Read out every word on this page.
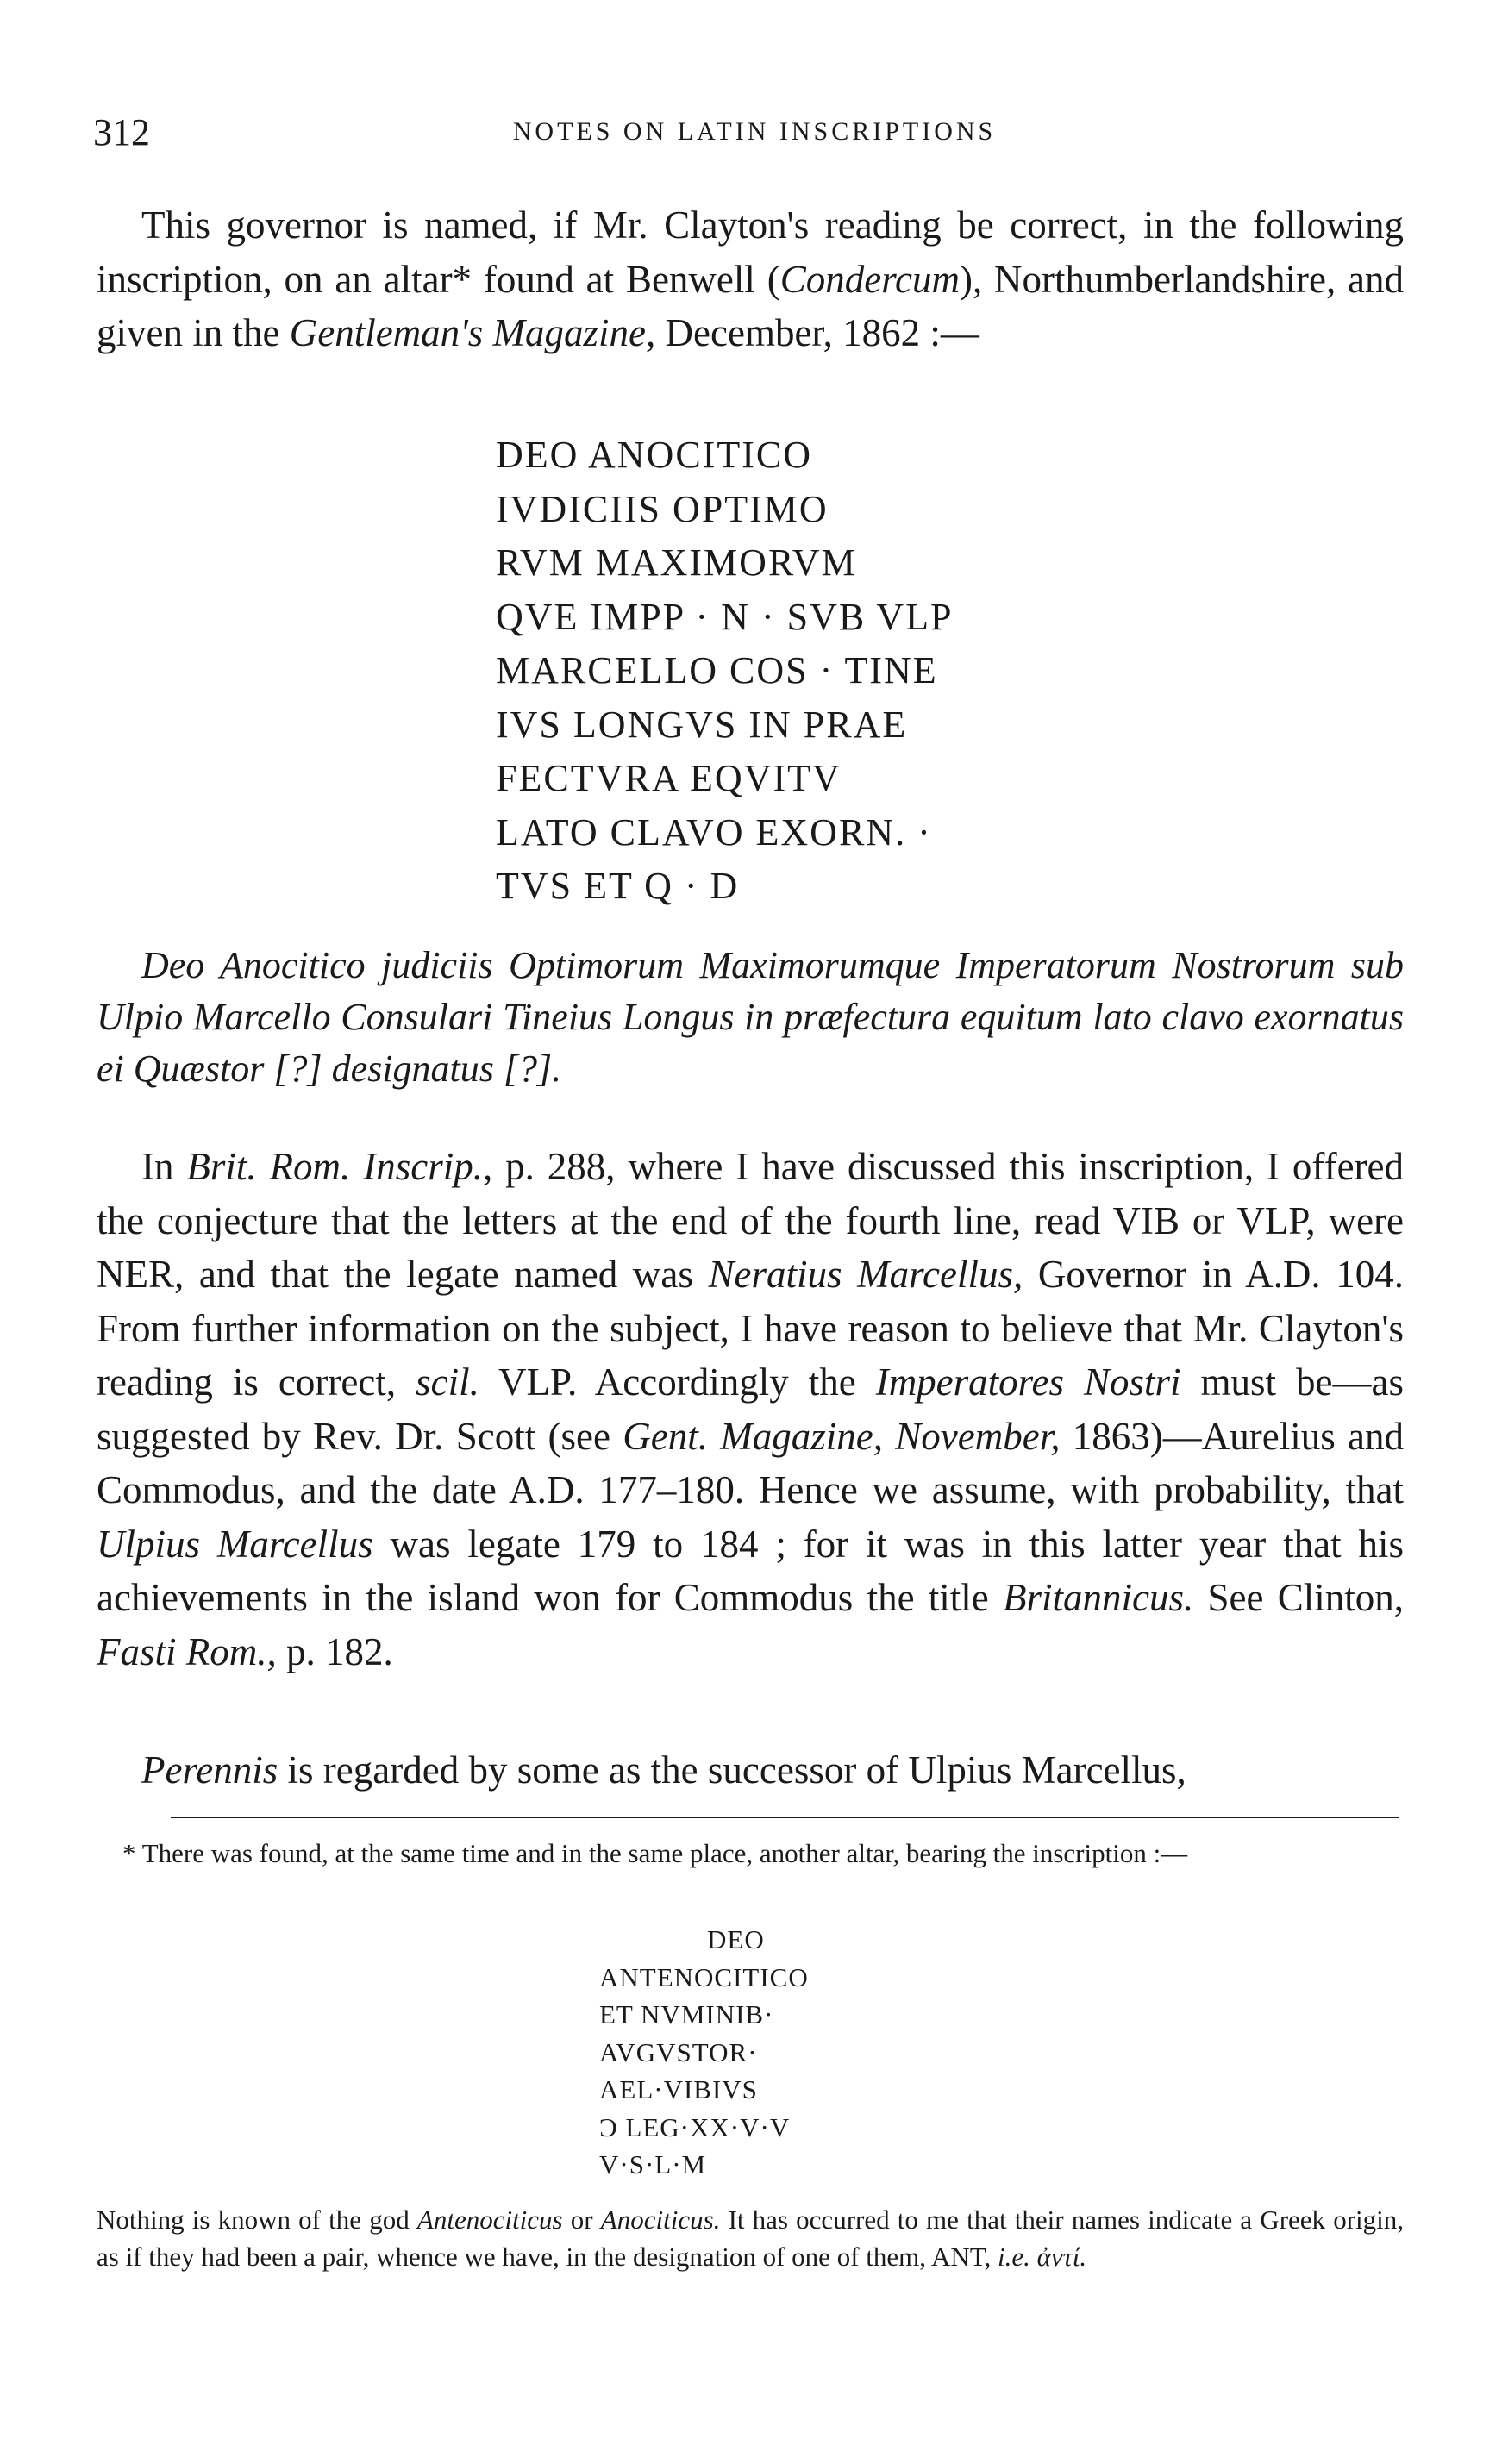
312	NOTES ON LATIN INSCRIPTIONS

This governor is named, if Mr. Clayton's reading be correct, in the following inscription, on an altar* found at Benwell (Condercum), Northumberlandshire, and given in the Gentleman's Magazine, December, 1862 :—

DEO ANOCITICO
IVDICIIS OPTIMO
RVM MAXIMORVM
QVE IMPP · N · SVB VLP
MARCELLO COS · TINE
IVS LONGVS IN PRAE
FECTVRA EQVITV
LATO CLAVO EXORN. ·
TVS ET Q · D

Deo Anocitico judiciis Optimorum Maximorumque Imperatorum Nostrorum sub Ulpio Marcello Consulari Tineius Longus in præfectura equitum lato clavo exornatus ei Quæstor [?] designatus [?].

In Brit. Rom. Inscrip., p. 288, where I have discussed this inscription, I offered the conjecture that the letters at the end of the fourth line, read VIB or VLP, were NER, and that the legate named was Neratius Marcellus, Governor in A.D. 104. From further information on the subject, I have reason to believe that Mr. Clayton's reading is correct, scil. VLP. Accordingly the Imperatores Nostri must be—as suggested by Rev. Dr. Scott (see Gent. Magazine, November, 1863)—Aurelius and Commodus, and the date A.D. 177–180. Hence we assume, with probability, that Ulpius Marcellus was legate 179 to 184 ; for it was in this latter year that his achievements in the island won for Commodus the title Britannicus. See Clinton, Fasti Rom., p. 182.

Perennis is regarded by some as the successor of Ulpius Marcellus,

* There was found, at the same time and in the same place, another altar, bearing the inscription :—

DEO
ANTENOCITICO
ET NVMINIB·
AVGVSTOR·
AEL·VIBIVS
Ɔ LEG·XX·V·V
V·S·L·M

Nothing is known of the god Antenociticus or Anociticus. It has occurred to me that their names indicate a Greek origin, as if they had been a pair, whence we have, in the designation of one of them, ANT, i.e. ἀντί.
